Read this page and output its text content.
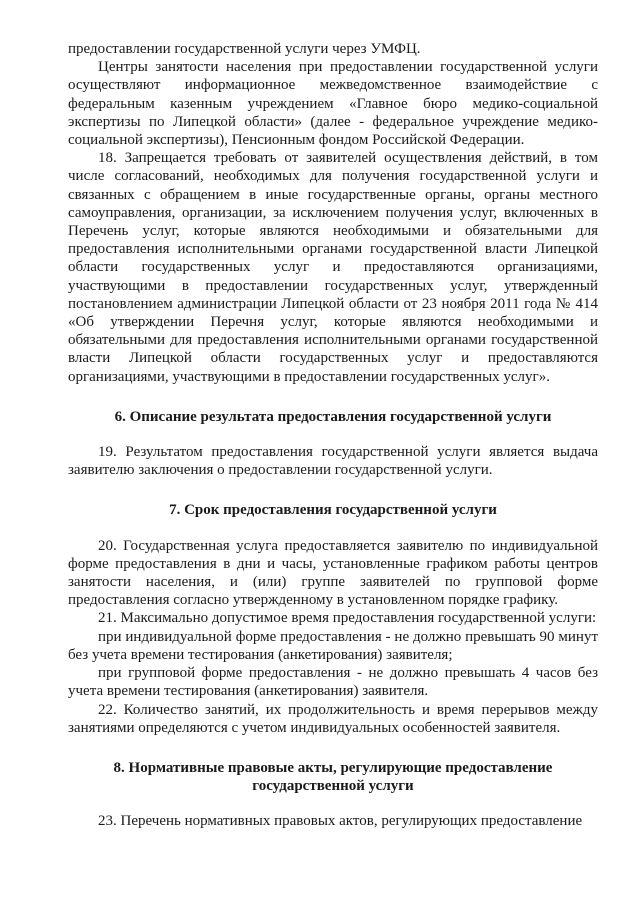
предоставлении государственной услуги через УМФЦ.

Центры занятости населения при предоставлении государственной услуги осуществляют информационное межведомственное взаимодействие с федеральным казенным учреждением «Главное бюро медико-социальной экспертизы по Липецкой области» (далее - федеральное учреждение медико-социальной экспертизы), Пенсионным фондом Российской Федерации.

18. Запрещается требовать от заявителей осуществления действий, в том числе согласований, необходимых для получения государственной услуги и связанных с обращением в иные государственные органы, органы местного самоуправления, организации, за исключением получения услуг, включенных в Перечень услуг, которые являются необходимыми и обязательными для предоставления исполнительными органами государственной власти Липецкой области государственных услуг и предоставляются организациями, участвующими в предоставлении государственных услуг, утвержденный постановлением администрации Липецкой области от 23 ноября 2011 года № 414 «Об утверждении Перечня услуг, которые являются необходимыми и обязательными для предоставления исполнительными органами государственной власти Липецкой области государственных услуг и предоставляются организациями, участвующими в предоставлении государственных услуг».

6. Описание результата предоставления государственной услуги

19. Результатом предоставления государственной услуги является выдача заявителю заключения о предоставлении государственной услуги.

7. Срок предоставления государственной услуги

20. Государственная услуга предоставляется заявителю по индивидуальной форме предоставления в дни и часы, установленные графиком работы центров занятости населения, и (или) группе заявителей по групповой форме предоставления согласно утвержденному в установленном порядке графику.

21. Максимально допустимое время предоставления государственной услуги:

при индивидуальной форме предоставления - не должно превышать 90 минут без учета времени тестирования (анкетирования) заявителя;

при групповой форме предоставления - не должно превышать 4 часов без учета времени тестирования (анкетирования) заявителя.

22. Количество занятий, их продолжительность и время перерывов между занятиями определяются с учетом индивидуальных особенностей заявителя.

8. Нормативные правовые акты, регулирующие предоставление

государственной услуги

23. Перечень нормативных правовых актов, регулирующих предоставление
